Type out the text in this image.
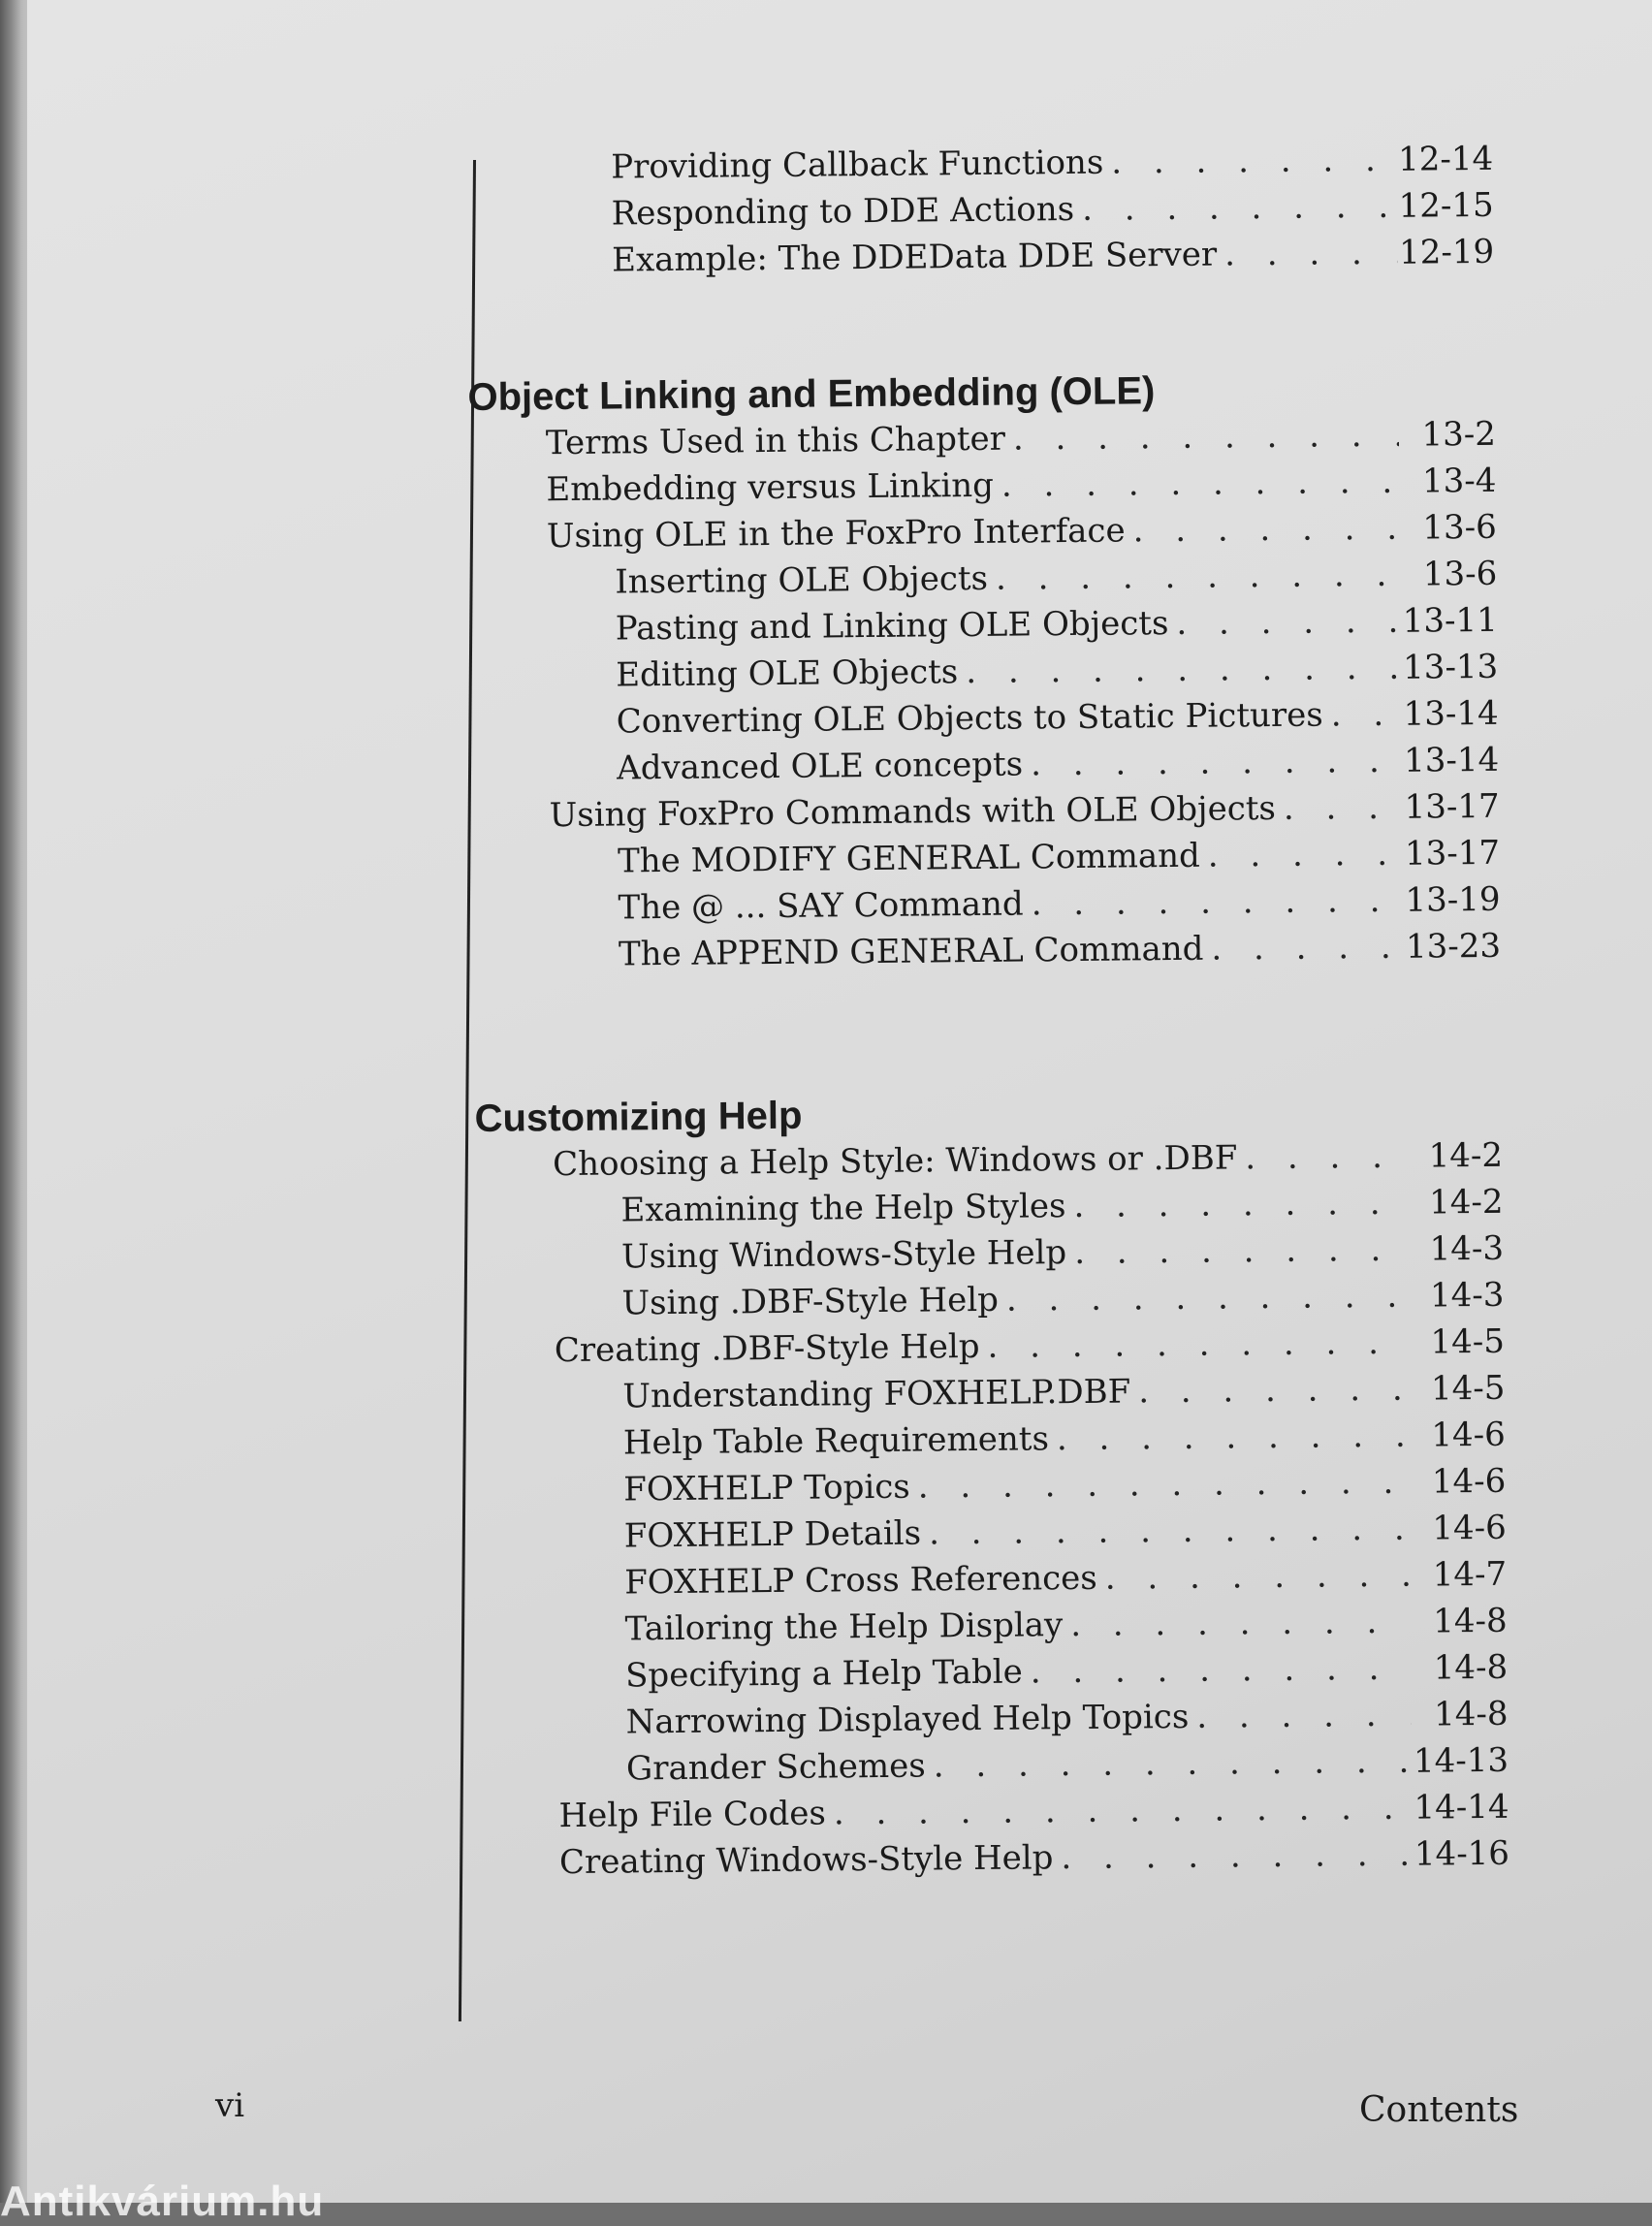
Providing Callback Functions . . .	12-14
Responding to DDE Actions . . .	12-15
Example: The DDEData DDE Server . . .	12-19
Object Linking and Embedding (OLE)
Terms Used in this Chapter . . .	13-2
Embedding versus Linking . . .	13-4
Using OLE in the FoxPro Interface . . .	13-6
Inserting OLE Objects . . .	13-6
Pasting and Linking OLE Objects . . .	13-11
Editing OLE Objects . . .	13-13
Converting OLE Objects to Static Pictures . . . 13-14
Advanced OLE concepts . . .	13-14
Using FoxPro Commands with OLE Objects . . .	13-17
The MODIFY GENERAL Command . . .	13-17
The @ ... SAY Command . . .	13-19
The APPEND GENERAL Command . . .	13-23
Customizing Help
Choosing a Help Style: Windows or .DBF . . .	14-2
Examining the Help Styles . . .	14-2
Using Windows-Style Help . . .	14-3
Using .DBF-Style Help . . .	14-3
Creating .DBF-Style Help . . .	14-5
Understanding FOXHELP.DBF . . .	14-5
Help Table Requirements . . .	14-6
FOXHELP Topics . . .	14-6
FOXHELP Details . . .	14-6
FOXHELP Cross References . . .	14-7
Tailoring the Help Display . . .	14-8
Specifying a Help Table . . .	14-8
Narrowing Displayed Help Topics . . .	14-8
Grander Schemes . . .	14-13
Help File Codes . . .	14-14
Creating Windows-Style Help . . .	14-16
vi	Contents
Antikvárium.hu
